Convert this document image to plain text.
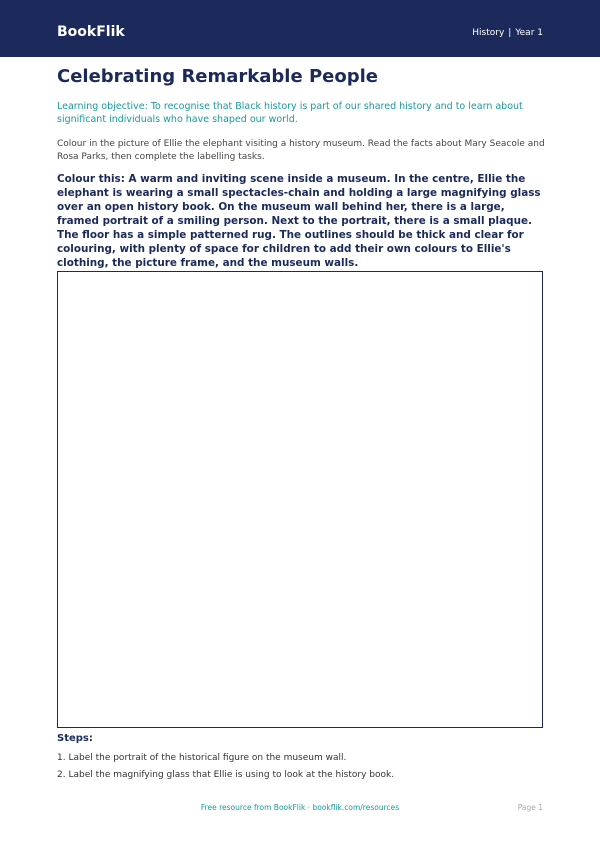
BookFlik	History | Year 1
Celebrating Remarkable People

Learning objective: To recognise that Black history is part of our shared history and to learn about significant individuals who have shaped our world.

Colour in the picture of Ellie the elephant visiting a history museum. Read the facts about Mary Seacole and Rosa Parks, then complete the labelling tasks.

Colour this: A warm and inviting scene inside a museum. In the centre, Ellie the elephant is wearing a small spectacles-chain and holding a large magnifying glass over an open history book. On the museum wall behind her, there is a large, framed portrait of a smiling person. Next to the portrait, there is a small plaque. The floor has a simple patterned rug. The outlines should be thick and clear for colouring, with plenty of space for children to add their own colours to Ellie's clothing, the picture frame, and the museum walls.

Steps:
1. Label the portrait of the historical figure on the museum wall.
2. Label the magnifying glass that Ellie is using to look at the history book.
Free resource from BookFlik · bookflik.com/resources	Page 1
